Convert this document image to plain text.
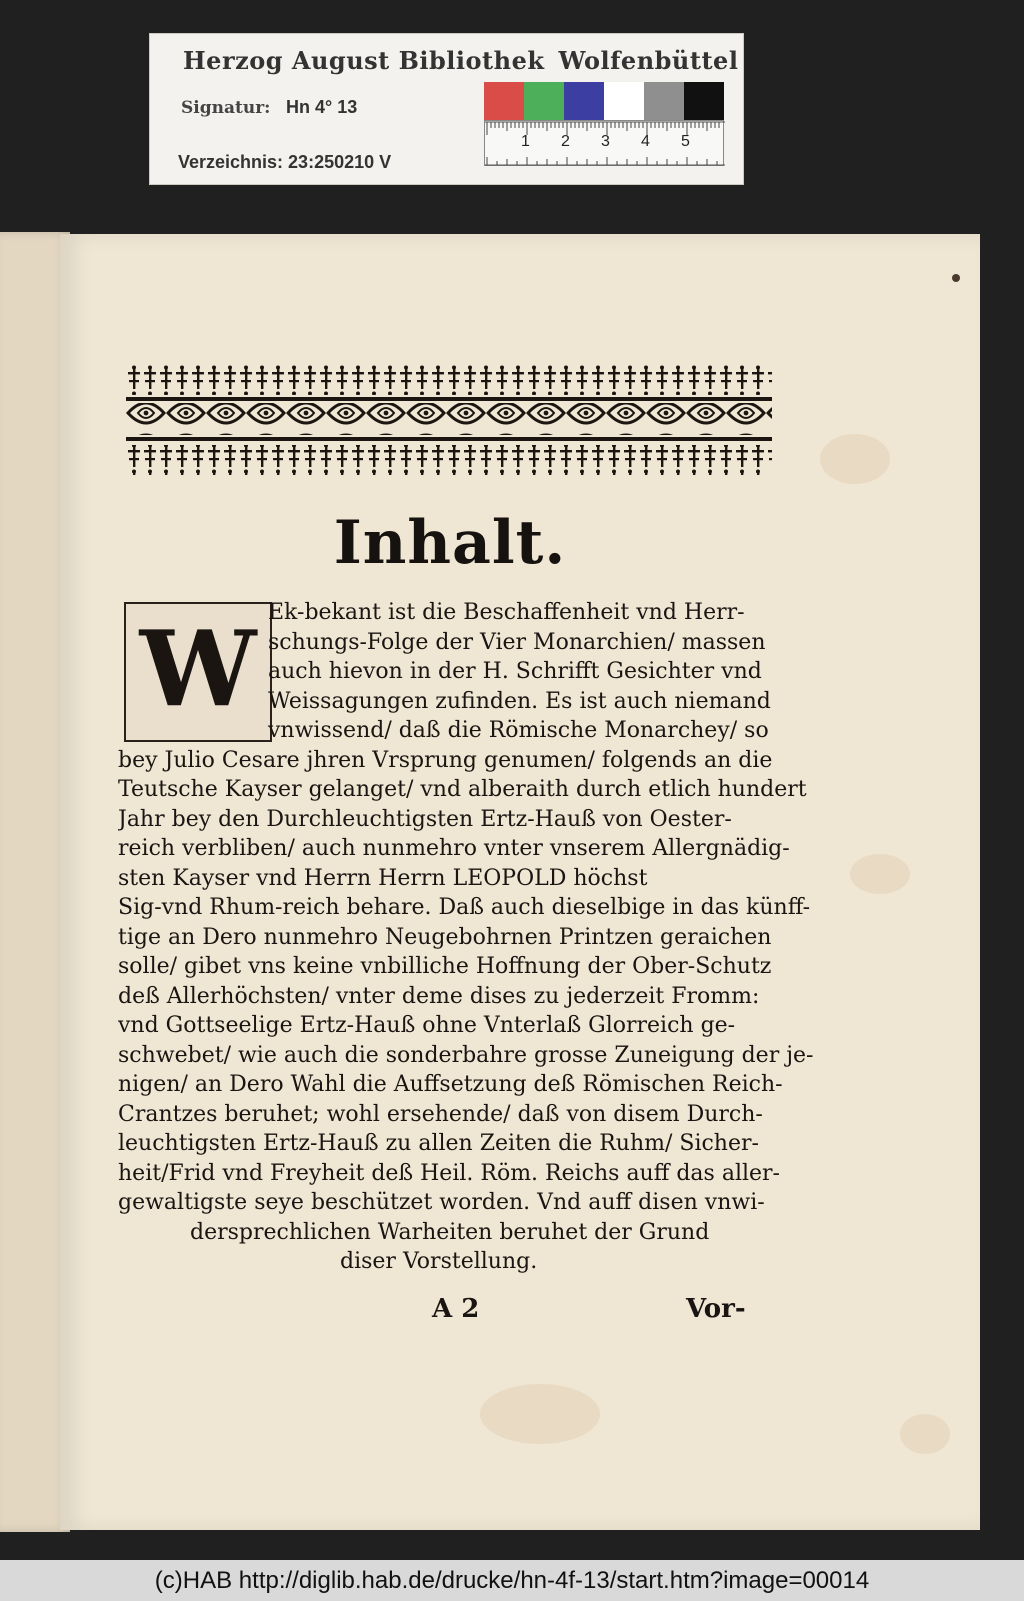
Herzog August Bibliothek Wolfenbüttel
Signatur: Hn 4° 13
Verzeichnis: 23:250210 V
1 2 3 4 5
Inhalt.
W Ek-bekant ist die Beschaffenheit vnd Herr-
schungs-Folge der Vier Monarchien/ massen
auch hievon in der H. Schrifft Gesichter vnd
Weissagungen zufinden. Es ist auch niemand
vnwissend/ daß die Römische Monarchey/ so
bey Julio Cesare jhren Vrsprung genumen/ folgends an die
Teutsche Kayser gelanget/ vnd alberaith durch etlich hundert
Jahr bey den Durchleuchtigsten Ertz-Hauß von Oester-
reich verbliben/ auch nunmehro vnter vnserem Allergnädig-
sten Kayser vnd Herrn Herrn LEOPOLD höchst
Sig-vnd Rhum-reich behare. Daß auch dieselbige in das künff-
tige an Dero nunmehro Neugebohrnen Printzen geraichen
solle/ gibet vns keine vnbilliche Hoffnung der Ober-Schutz
deß Allerhöchsten/ vnter deme dises zu jederzeit Fromm:
vnd Gottseelige Ertz-Hauß ohne Vnterlaß Glorreich ge-
schwebet/ wie auch die sonderbahre grosse Zuneigung der je-
nigen/ an Dero Wahl die Auffsetzung deß Römischen Reich-
Crantzes beruhet; wohl ersehende/ daß von disem Durch-
leuchtigsten Ertz-Hauß zu allen Zeiten die Ruhm/ Sicher-
heit/Frid vnd Freyheit deß Heil. Röm. Reichs auff das aller-
gewaltigste seye beschützet worden. Vnd auff disen vnwi-
dersprechlichen Warheiten beruhet der Grund
diser Vorstellung.
A 2	Vor-
(c)HAB http://diglib.hab.de/drucke/hn-4f-13/start.htm?image=00014
